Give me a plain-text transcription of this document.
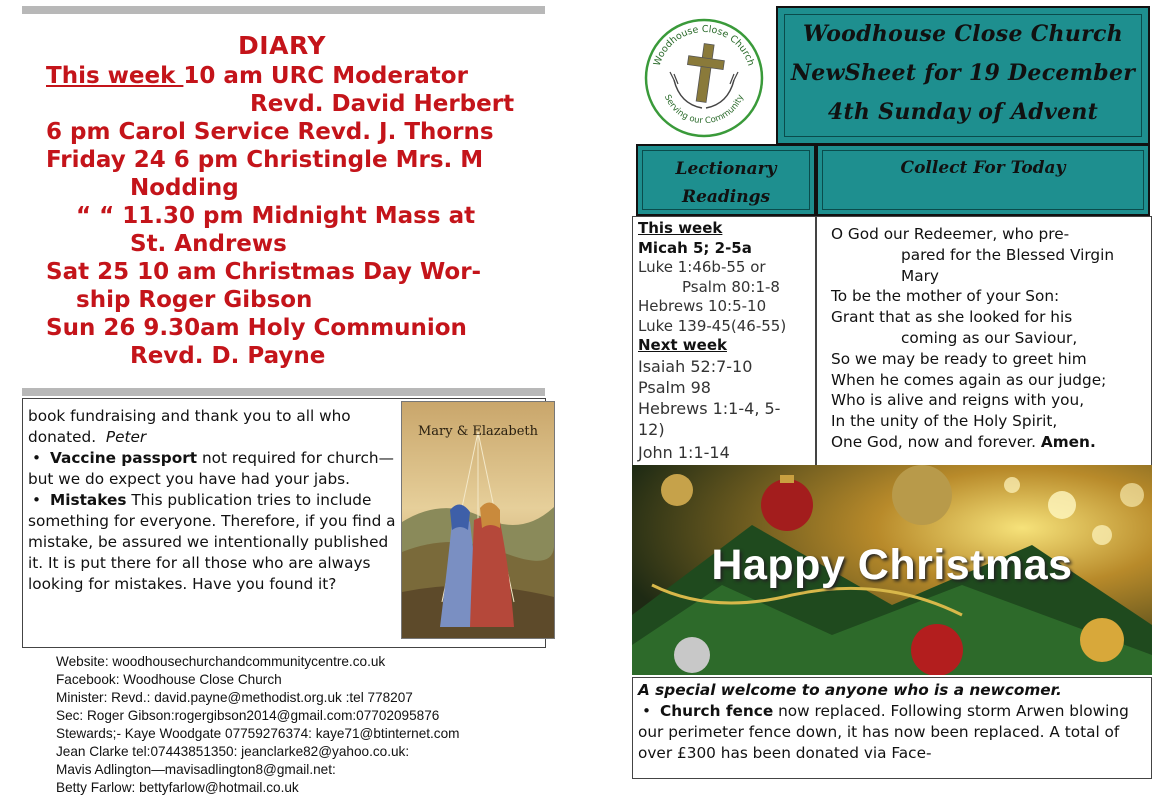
DIARY
This week 10 am URC Moderator
Revd. David Herbert
6 pm Carol Service Revd. J. Thorns
Friday 24 6 pm Christingle Mrs. M
Nodding
“ “ 11.30 pm Midnight Mass at
St. Andrews
Sat 25 10 am Christmas Day Wor-
ship Roger Gibson
Sun 26 9.30am Holy Communion
Revd. D. Payne

book fundraising and thank you to all who donated. Peter

• Vaccine passport not required for church—but we do expect you have had your jabs.

• Mistakes This publication tries to include something for everyone. Therefore, if you find a mistake, be assured we intentionally published it. It is put there for all those who are always looking for mistakes. Have you found it?

Mary & Elazabeth
Website: woodhousechurchandcommunitycentre.co.uk
Facebook: Woodhouse Close Church
Minister: Revd.: david.payne@methodist.org.uk :tel 778207
Sec: Roger Gibson:rogergibson2014@gmail.com:07702095876
Stewards;- Kaye Woodgate 07759276374: kaye71@btinternet.com
Jean Clarke tel:07443851350: jeanclarke82@yahoo.co.uk:
Mavis Adlington—mavisadlington8@gmail.net:
Betty Farlow: bettyfarlow@hotmail.co.uk
Woodhouse Close Church
Serving our Community
Woodhouse Close Church
NewSheet for 19 December
4th Sunday of Advent
Lectionary
Readings
Collect For Today
This week
Micah 5; 2-5a
Luke 1:46b-55 or
Psalm 80:1-8
Hebrews 10:5-10
Luke 139-45(46-55)
Next week
Isaiah 52:7-10
Psalm 98
Hebrews 1:1-4, 5-
12)
John 1:1-14
O God our Redeemer, who pre-
pared for the Blessed Virgin
Mary
To be the mother of your Son:
Grant that as she looked for his
coming as our Saviour,
So we may be ready to greet him
When he comes again as our judge;
Who is alive and reigns with you,
In the unity of the Holy Spirit,
One God, now and forever. Amen.
Happy Christmas

A special welcome to anyone who is a newcomer.

• Church fence now replaced. Following storm Arwen blowing our perimeter fence down, it has now been replaced. A total of over £300 has been donated via Face-
